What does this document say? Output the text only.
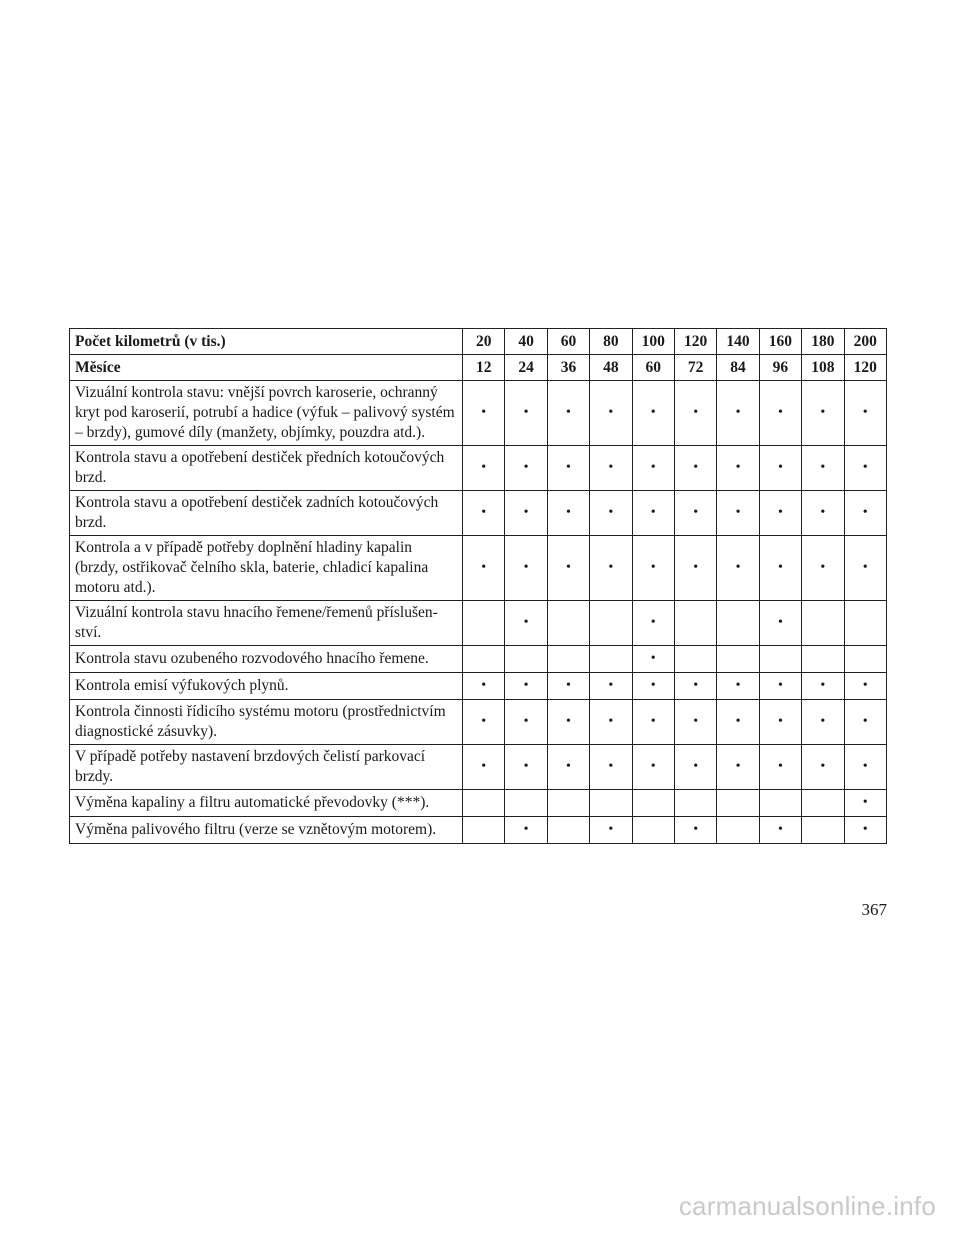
Počet kilometrů (v tis.)	20	40	60	80	100	120	140	160	180	200
Měsíce	12	24	36	48	60	72	84	96	108	120
Vizuální kontrola stavu: vnější povrch karoserie, ochranný kryt pod karoserií, potrubí a hadice (výfuk – palivový systém – brzdy), gumové díly (manžety, objímky, pouzdra atd.).	•	•	•	•	•	•	•	•	•	•
Kontrola stavu a opotřebení destiček předních kotoučových brzd.	•	•	•	•	•	•	•	•	•	•
Kontrola stavu a opotřebení destiček zadních kotoučových brzd.	•	•	•	•	•	•	•	•	•	•
Kontrola a v případě potřeby doplnění hladiny kapalin (brzdy, ostřikovač čelního skla, baterie, chladicí kapalina motoru atd.).	•	•	•	•	•	•	•	•	•	•
Vizuální kontrola stavu hnacího řemene/řemenů příslušen-ství.		•			•			•		
Kontrola stavu ozubeného rozvodového hnacího řemene.					•					
Kontrola emisí výfukových plynů.	•	•	•	•	•	•	•	•	•	•
Kontrola činnosti řídicího systému motoru (prostřednictvím diagnostické zásuvky).	•	•	•	•	•	•	•	•	•	•
V případě potřeby nastavení brzdových čelistí parkovací brzdy.	•	•	•	•	•	•	•	•	•	•
Výměna kapaliny a filtru automatické převodovky (***).										•
Výměna palivového filtru (verze se vznětovým motorem).		•		•		•		•		•
367
carmanualsonline.info
